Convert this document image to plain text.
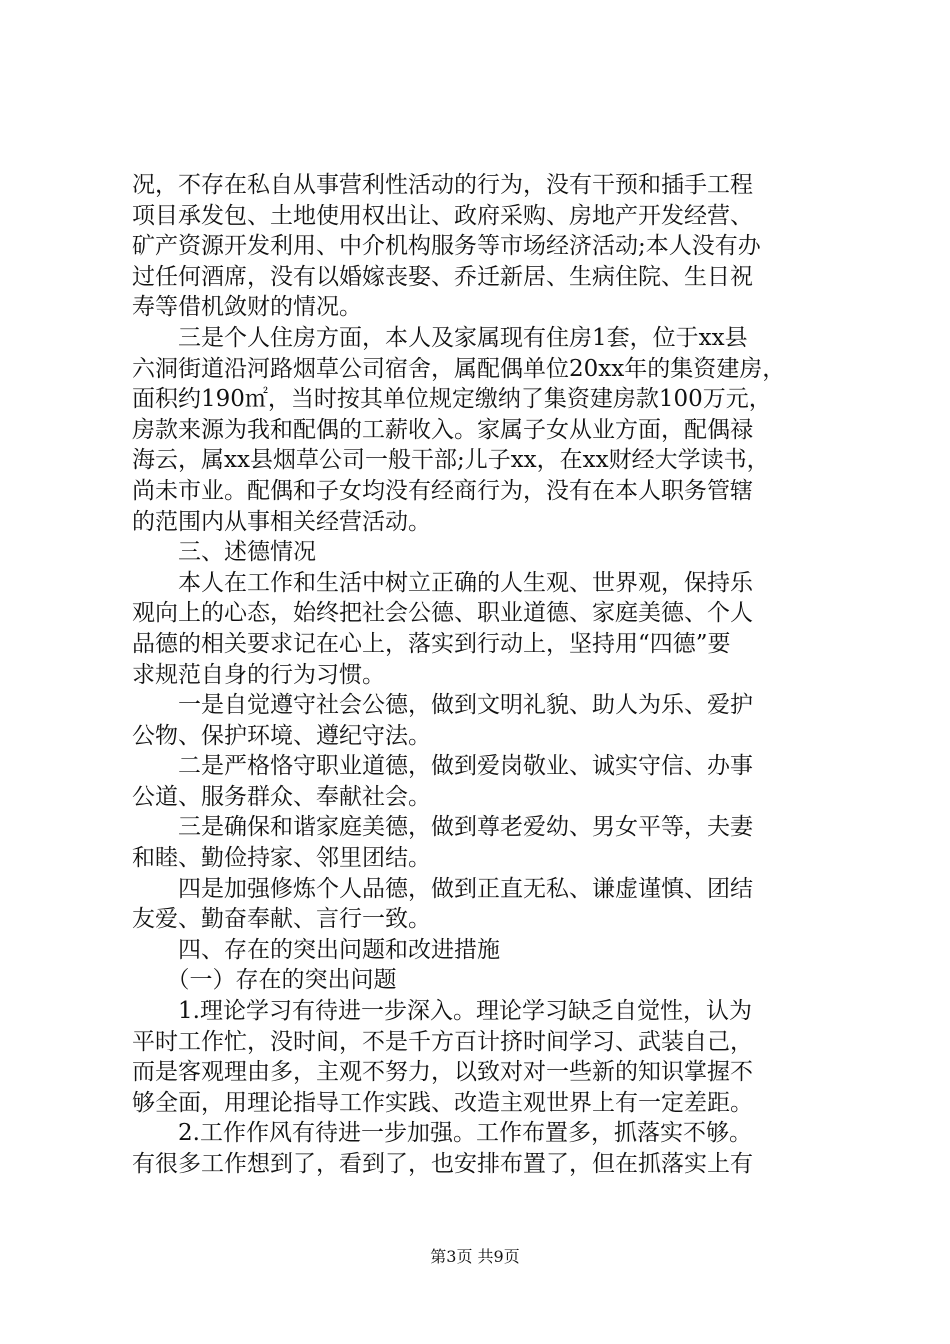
况，不存在私自从事营利性活动的行为，没有干预和插手工程
项目承发包、土地使用权出让、政府采购、房地产开发经营、
矿产资源开发利用、中介机构服务等市场经济活动;本人没有办
过任何酒席，没有以婚嫁丧娶、乔迁新居、生病住院、生日祝
寿等借机敛财的情况。
　　三是个人住房方面，本人及家属现有住房1套，位于xx县
六洞街道沿河路烟草公司宿舍，属配偶单位20xx年的集资建房，
面积约190㎡，当时按其单位规定缴纳了集资建房款100万元，
房款来源为我和配偶的工薪收入。家属子女从业方面，配偶禄
海云，属xx县烟草公司一般干部;儿子xx，在xx财经大学读书，
尚未市业。配偶和子女均没有经商行为，没有在本人职务管辖
的范围内从事相关经营活动。
　　三、述德情况
　　本人在工作和生活中树立正确的人生观、世界观，保持乐
观向上的心态，始终把社会公德、职业道德、家庭美德、个人
品德的相关要求记在心上，落实到行动上，坚持用“四德”要
求规范自身的行为习惯。
　　一是自觉遵守社会公德，做到文明礼貌、助人为乐、爱护
公物、保护环境、遵纪守法。
　　二是严格恪守职业道德，做到爱岗敬业、诚实守信、办事
公道、服务群众、奉献社会。
　　三是确保和谐家庭美德，做到尊老爱幼、男女平等，夫妻
和睦、勤俭持家、邻里团结。
　　四是加强修炼个人品德，做到正直无私、谦虚谨慎、团结
友爱、勤奋奉献、言行一致。
　　四、存在的突出问题和改进措施
　　（一）存在的突出问题
　　1.理论学习有待进一步深入。理论学习缺乏自觉性，认为
平时工作忙，没时间，不是千方百计挤时间学习、武装自己，
而是客观理由多，主观不努力，以致对对一些新的知识掌握不
够全面，用理论指导工作实践、改造主观世界上有一定差距。
　　2.工作作风有待进一步加强。工作布置多，抓落实不够。
有很多工作想到了，看到了，也安排布置了，但在抓落实上有
第3页 共9页
